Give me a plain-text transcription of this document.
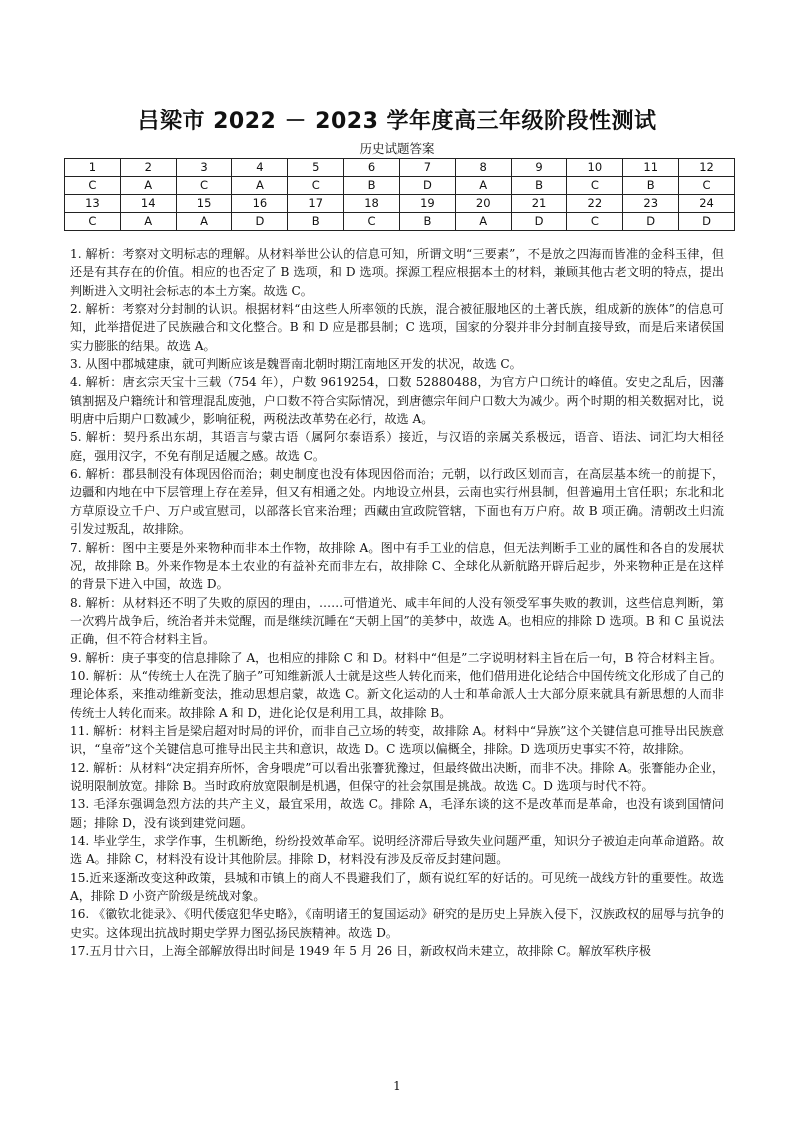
吕梁市 2022 － 2023 学年度高三年级阶段性测试
历史试题答案
1	2	3	4	5	6	7	8	9	10	11	12
C	A	C	A	C	B	D	A	B	C	B	C
13	14	15	16	17	18	19	20	21	22	23	24
C	A	A	D	B	C	B	A	D	C	D	D

1. 解析：考察对文明标志的理解。从材料举世公认的信息可知，所谓文明“三要素”，不是放之四海而皆准的金科玉律，但还是有其存在的价值。相应的也否定了 B 选项，和 D 选项。探源工程应根据本土的材料，兼顾其他古老文明的特点，提出判断进入文明社会标志的本土方案。故选 C。

2. 解析：考察对分封制的认识。根据材料“由这些人所率领的氏族，混合被征服地区的土著氏族，组成新的族体”的信息可知，此举措促进了民族融合和文化整合。B 和 D 应是郡县制；C 选项，国家的分裂并非分封制直接导致，而是后来诸侯国实力膨胀的结果。故选 A。

3. 从图中郡城建康，就可判断应该是魏晋南北朝时期江南地区开发的状况，故选 C。

4. 解析：唐玄宗天宝十三载（754 年），户数 9619254，口数 52880488，为官方户口统计的峰值。安史之乱后，因藩镇割据及户籍统计和管理混乱废弛，户口数不符合实际情况，到唐德宗年间户口数大为减少。两个时期的相关数据对比，说明唐中后期户口数减少，影响征税，两税法改革势在必行，故选 A。

5. 解析：契丹系出东胡，其语言与蒙古语（属阿尔泰语系）接近，与汉语的亲属关系极远，语音、语法、词汇均大相径庭，强用汉字，不免有削足适履之感。故选 C。

6. 解析：郡县制没有体现因俗而治；刺史制度也没有体现因俗而治；元朝，以行政区划而言，在高层基本统一的前提下，边疆和内地在中下层管理上存在差异，但又有相通之处。内地设立州县，云南也实行州县制，但普遍用土官任职；东北和北方草原设立千户、万户或宣慰司，以部落长官来治理；西藏由宣政院管辖，下面也有万户府。故 B 项正确。清朝改土归流引发过叛乱，故排除。

7. 解析：图中主要是外来物种而非本土作物，故排除 A。图中有手工业的信息，但无法判断手工业的属性和各自的发展状况，故排除 B。外来作物是本土农业的有益补充而非左右，故排除 C、全球化从新航路开辟后起步，外来物种正是在这样的背景下进入中国，故选 D。

8. 解析：从材料还不明了失败的原因的理由，……可惜道光、咸丰年间的人没有领受军事失败的教训，这些信息判断，第一次鸦片战争后，统治者并未觉醒，而是继续沉睡在“天朝上国”的美梦中，故选 A。也相应的排除 D 选项。B 和 C 虽说法正确，但不符合材料主旨。

9. 解析：庚子事变的信息排除了 A，也相应的排除 C 和 D。材料中“但是”二字说明材料主旨在后一句，B 符合材料主旨。

10. 解析：从“传统士人在洗了脑子”可知维新派人士就是这些人转化而来，他们借用进化论结合中国传统文化形成了自己的理论体系，来推动维新变法，推动思想启蒙，故选 C。新文化运动的人士和革命派人士大部分原来就具有新思想的人而非传统士人转化而来。故排除 A 和 D，进化论仅是利用工具，故排除 B。

11. 解析：材料主旨是梁启超对时局的评价，而非自己立场的转变，故排除 A。材料中“异族”这个关键信息可推导出民族意识，“皇帝”这个关键信息可推导出民主共和意识，故选 D。C 选项以偏概全，排除。D 选项历史事实不符，故排除。

12. 解析：从材料“决定捐弃所怀，舍身喂虎”可以看出张謇犹豫过，但最终做出决断，而非不决。排除 A。张謇能办企业，说明限制放宽。排除 B。当时政府放宽限制是机遇，但保守的社会氛围是挑战。故选 C。D 选项与时代不符。

13. 毛泽东强调急烈方法的共产主义，最宜采用，故选 C。排除 A，毛泽东谈的这不是改革而是革命，也没有谈到国情问题；排除 D，没有谈到建党问题。

14. 毕业学生，求学作事，生机断绝，纷纷投效革命军。说明经济滞后导致失业问题严重，知识分子被迫走向革命道路。故选 A。排除 C，材料没有设计其他阶层。排除 D，材料没有涉及反帝反封建问题。

15.近来逐渐改变这种政策，县城和市镇上的商人不畏避我们了，颇有说红军的好话的。可见统一战线方针的重要性。故选 A，排除 D 小资产阶级是统战对象。

16. 《徽钦北徙录》、《明代倭寇犯华史略》，《南明诸王的复国运动》研究的是历史上异族入侵下，汉族政权的屈辱与抗争的史实。这体现出抗战时期史学界力图弘扬民族精神。故选 D。

17.五月廿六日，上海全部解放得出时间是 1949 年 5 月 26 日，新政权尚未建立，故排除 C。解放军秩序极

1
